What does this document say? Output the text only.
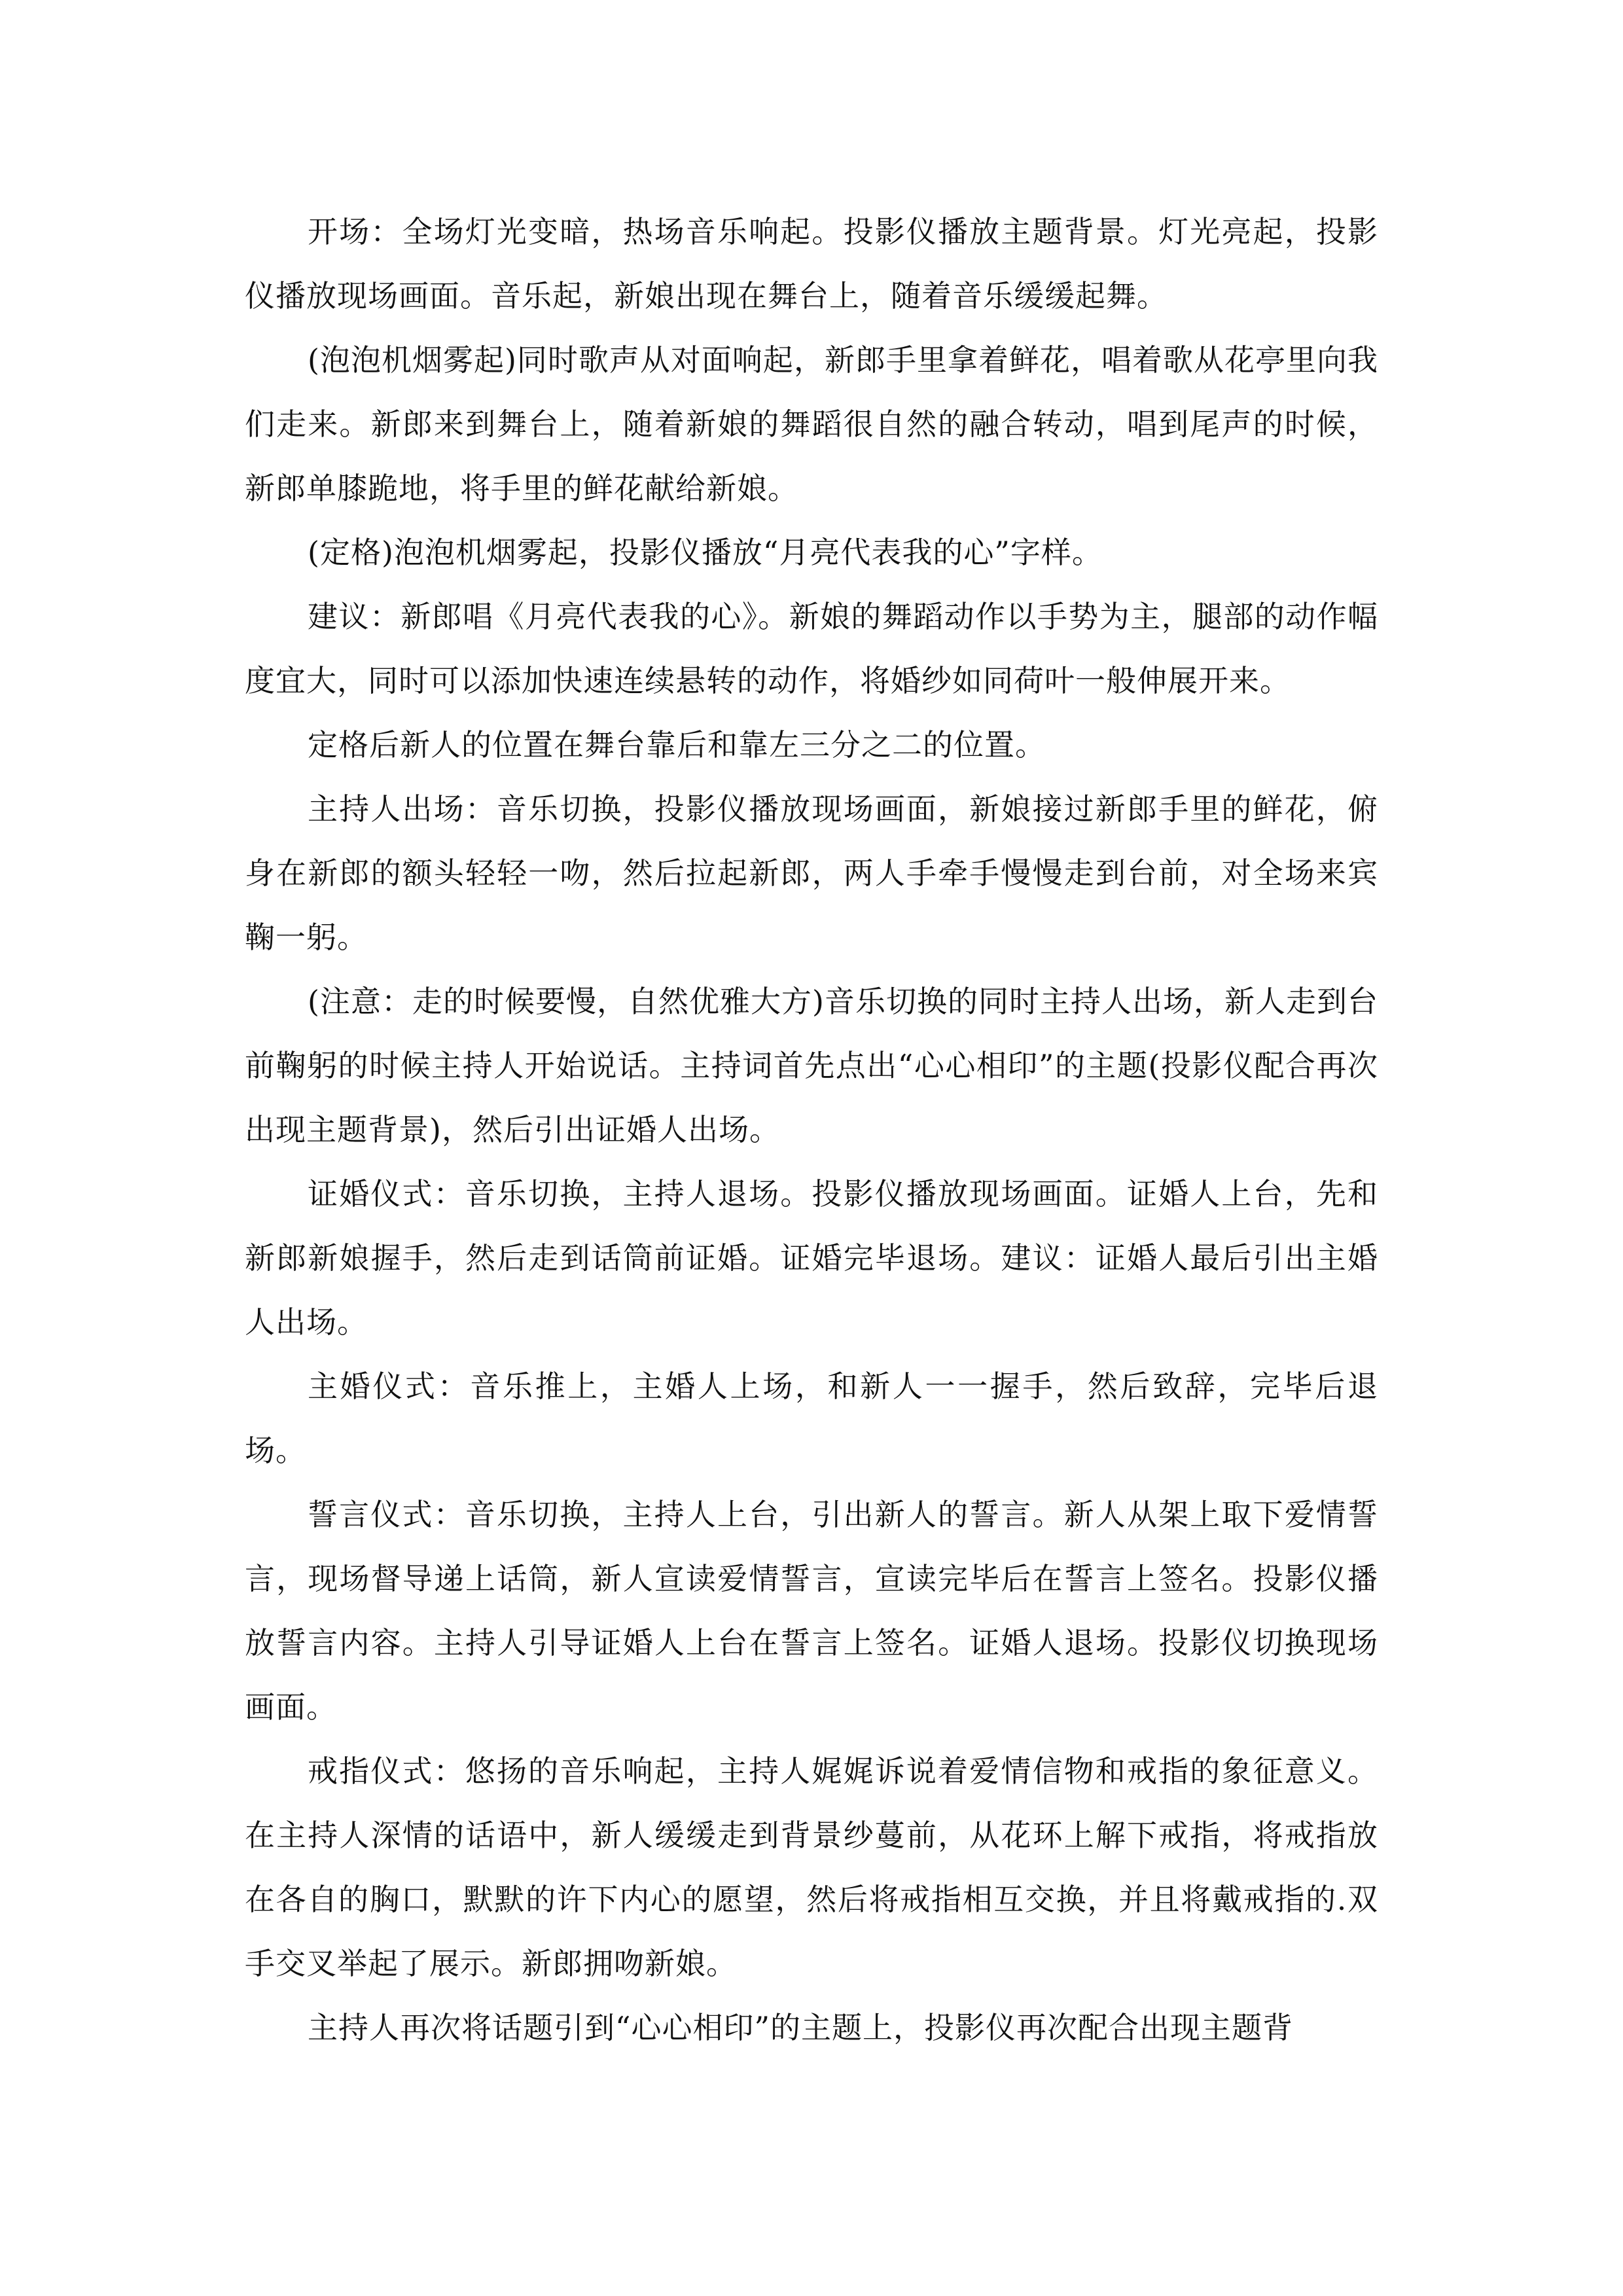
开场：全场灯光变暗，热场音乐响起。投影仪播放主题背景。灯光亮起，投影仪播放现场画面。音乐起，新娘出现在舞台上，随着音乐缓缓起舞。

(泡泡机烟雾起)同时歌声从对面响起，新郎手里拿着鲜花，唱着歌从花亭里向我们走来。新郎来到舞台上，随着新娘的舞蹈很自然的融合转动，唱到尾声的时候，新郎单膝跪地，将手里的鲜花献给新娘。

(定格)泡泡机烟雾起，投影仪播放“月亮代表我的心”字样。

建议：新郎唱《月亮代表我的心》。新娘的舞蹈动作以手势为主，腿部的动作幅度宜大，同时可以添加快速连续悬转的动作，将婚纱如同荷叶一般伸展开来。

定格后新人的位置在舞台靠后和靠左三分之二的位置。

主持人出场：音乐切换，投影仪播放现场画面，新娘接过新郎手里的鲜花，俯身在新郎的额头轻轻一吻，然后拉起新郎，两人手牵手慢慢走到台前，对全场来宾鞠一躬。

(注意：走的时候要慢，自然优雅大方)音乐切换的同时主持人出场，新人走到台前鞠躬的时候主持人开始说话。主持词首先点出“心心相印”的主题(投影仪配合再次出现主题背景)，然后引出证婚人出场。

证婚仪式：音乐切换，主持人退场。投影仪播放现场画面。证婚人上台，先和新郎新娘握手，然后走到话筒前证婚。证婚完毕退场。建议：证婚人最后引出主婚人出场。

主婚仪式：音乐推上，主婚人上场，和新人一一握手，然后致辞，完毕后退场。

誓言仪式：音乐切换，主持人上台，引出新人的誓言。新人从架上取下爱情誓言，现场督导递上话筒，新人宣读爱情誓言，宣读完毕后在誓言上签名。投影仪播放誓言内容。主持人引导证婚人上台在誓言上签名。证婚人退场。投影仪切换现场画面。

戒指仪式：悠扬的音乐响起，主持人娓娓诉说着爱情信物和戒指的象征意义。在主持人深情的话语中，新人缓缓走到背景纱蔓前，从花环上解下戒指，将戒指放在各自的胸口，默默的许下内心的愿望，然后将戒指相互交换，并且将戴戒指的.双手交叉举起了展示。新郎拥吻新娘。

主持人再次将话题引到“心心相印”的主题上，投影仪再次配合出现主题背
